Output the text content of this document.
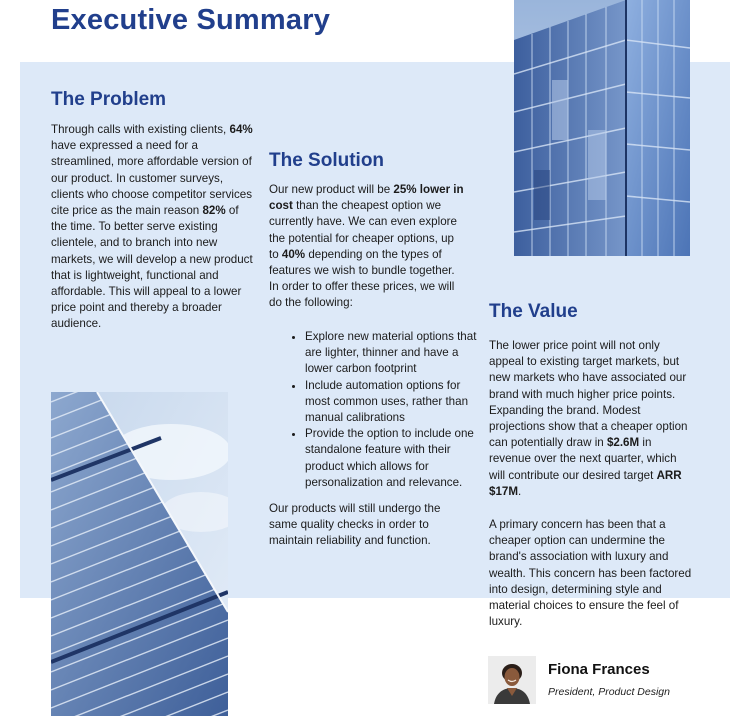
Executive Summary
The Problem

Through calls with existing clients, 64% have expressed a need for a streamlined, more affordable version of our product. In customer surveys, clients who choose competitor services cite price as the main reason 82% of the time. To better serve existing clientele, and to branch into new markets, we will develop a new product that is lightweight, functional and affordable. This will appeal to a lower price point and thereby a broader audience.

The Solution

Our new product will be 25% lower in cost than the cheapest option we currently have. We can even explore the potential for cheaper options, up to 40% depending on the types of features we wish to bundle together. In order to offer these prices, we will do the following:

• Explore new material options that are lighter, thinner and have a lower carbon footprint
• Include automation options for most common uses, rather than manual calibrations
• Provide the option to include one standalone feature with their product which allows for personalization and relevance.

Our products will still undergo the same quality checks in order to maintain reliability and function.

The Value

The lower price point will not only appeal to existing target markets, but new markets who have associated our brand with much higher price points. Expanding the brand. Modest projections show that a cheaper option can potentially draw in $2.6M in revenue over the next quarter, which will contribute our desired target ARR $17M.

A primary concern has been that a cheaper option can undermine the brand's association with luxury and wealth. This concern has been factored into design, determining style and material choices to ensure the feel of luxury.

Fiona Frances

President, Product Design
